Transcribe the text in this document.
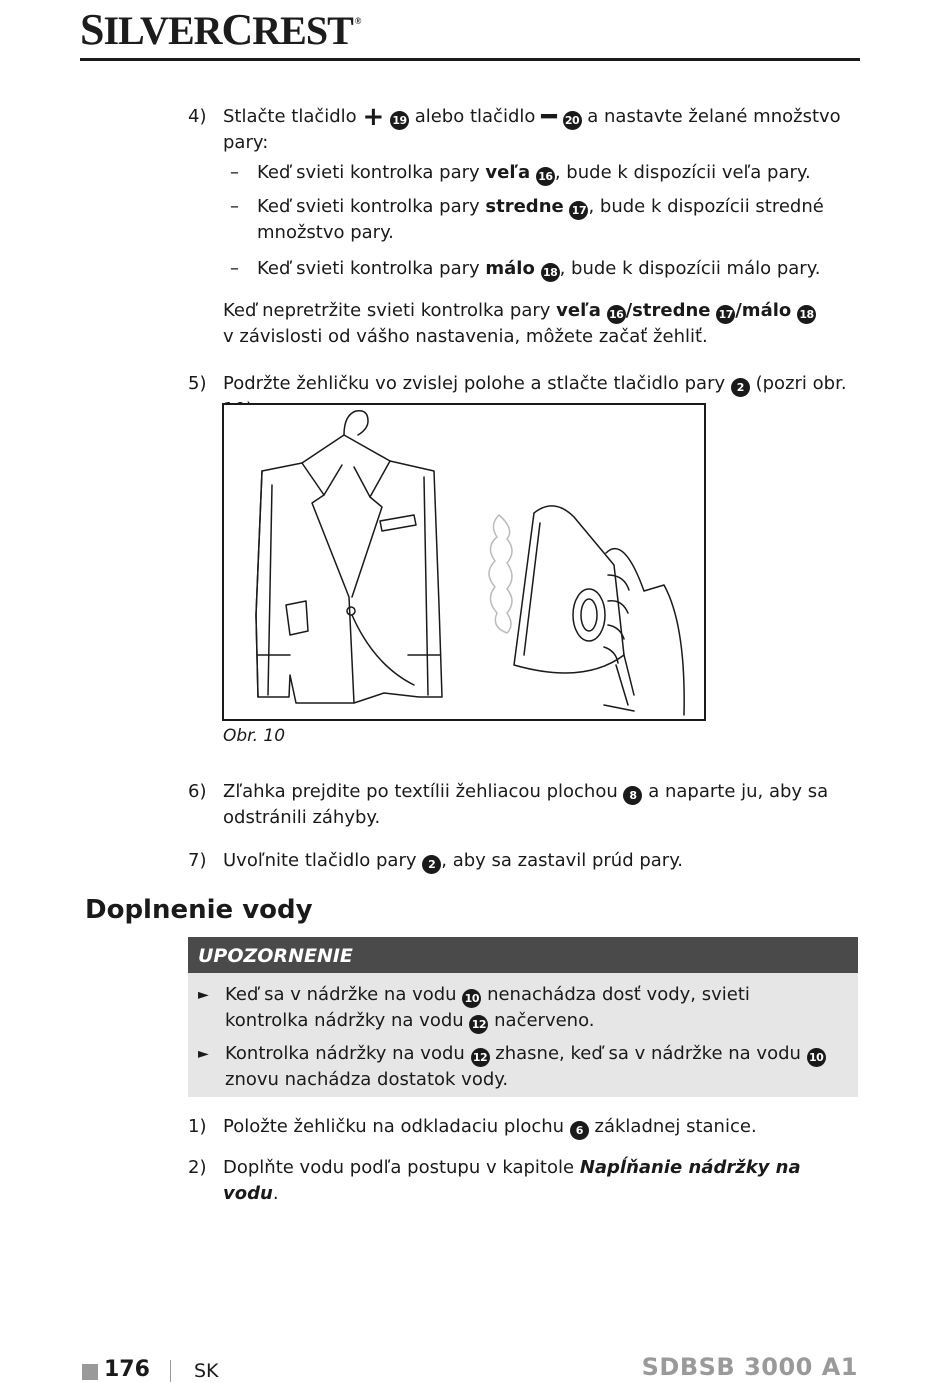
SILVERCREST ®
4) Stlačte tlačidlo + 19 alebo tlačidlo ━ 20 a nastavte želané množstvo pary:
– Keď svieti kontrolka pary veľa 16 , bude k dispozícii veľa pary.
– Keď svieti kontrolka pary stredne 17 , bude k dispozícii stredné množstvo pary.
– Keď svieti kontrolka pary málo 18 , bude k dispozícii málo pary.
Keď nepretržite svieti kontrolka pary veľa 16 /stredne 17 /málo 18 v závislosti od vášho nastavenia, môžete začať žehliť.
5) Podržte žehličku vo zvislej polohe a stlačte tlačidlo pary 2 (pozri obr.
Obr. 10
6) Zľahka prejdite po textílii žehliacou plochou 8 a naparte ju, aby sa odstránili záhyby.
7) Uvoľnite tlačidlo pary 2 , aby sa zastavil prúd pary.
Doplnenie vody
UPOZORNENIE
► Keď sa v nádržke na vodu 10 nenachádza dosť vody, svieti kontrolka nádržky na vodu 12 načerveno.
► Kontrolka nádržky na vodu 12 zhasne, keď sa v nádržke na vodu 10 znovu nachádza dostatok vody.
1) Položte žehličku na odkladaciu plochu 6 základnej stanice.
2) Doplňte vodu podľa postupu v kapitole Napĺňanie nádržky na vodu.
176 SK	SDBSB 3000 A1
